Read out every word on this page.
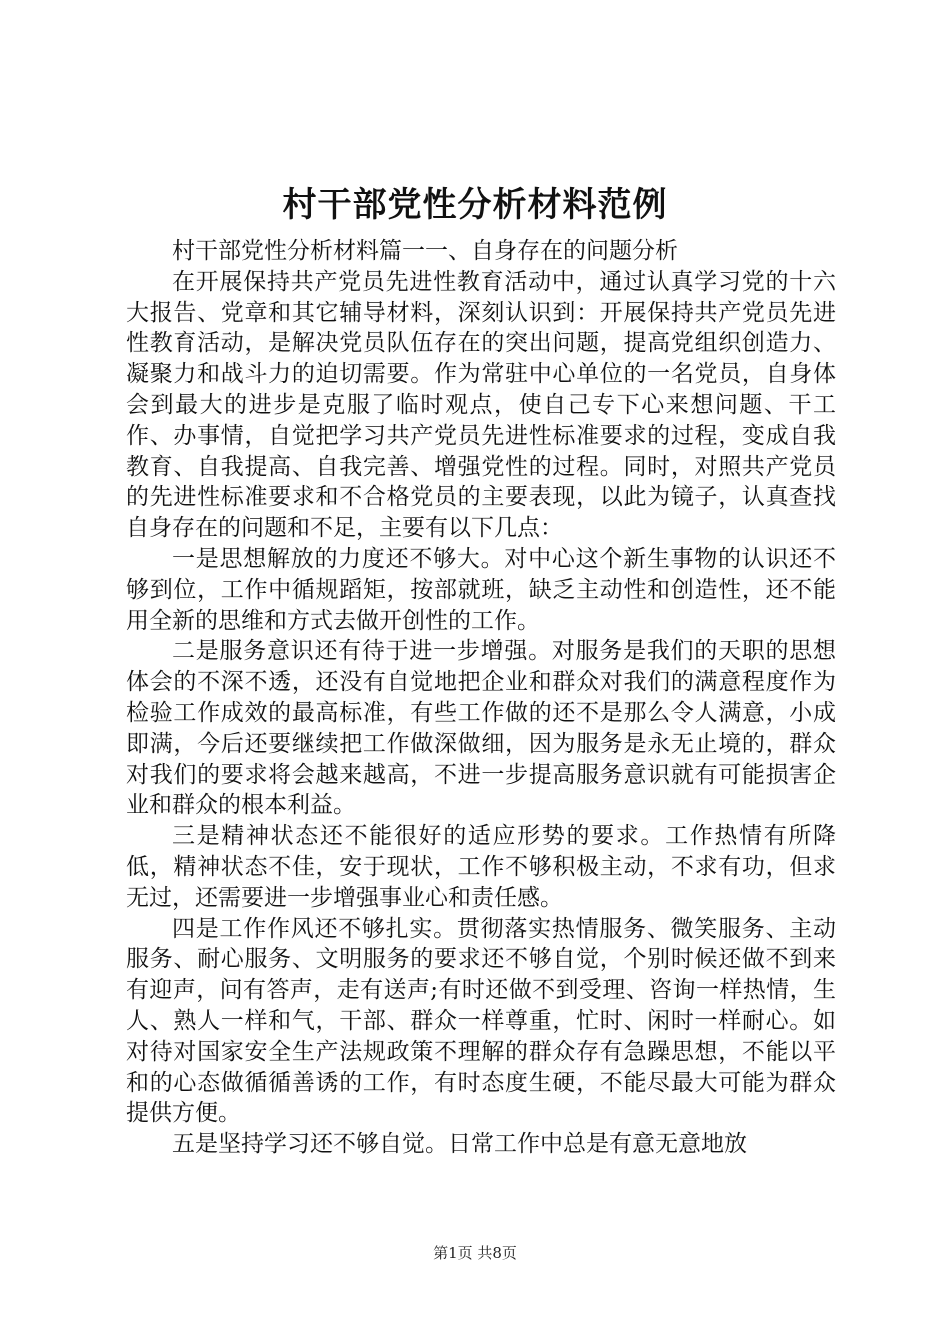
村干部党性分析材料范例

村干部党性分析材料篇一一、自身存在的问题分析

在开展保持共产党员先进性教育活动中，通过认真学习党的十六大报告、党章和其它辅导材料，深刻认识到：开展保持共产党员先进性教育活动，是解决党员队伍存在的突出问题，提高党组织创造力、凝聚力和战斗力的迫切需要。作为常驻中心单位的一名党员，自身体会到最大的进步是克服了临时观点，使自己专下心来想问题、干工作、办事情，自觉把学习共产党员先进性标准要求的过程，变成自我教育、自我提高、自我完善、增强党性的过程。同时，对照共产党员的先进性标准要求和不合格党员的主要表现，以此为镜子，认真查找自身存在的问题和不足，主要有以下几点：

一是思想解放的力度还不够大。对中心这个新生事物的认识还不够到位，工作中循规蹈矩，按部就班，缺乏主动性和创造性，还不能用全新的思维和方式去做开创性的工作。

二是服务意识还有待于进一步增强。对服务是我们的天职的思想体会的不深不透，还没有自觉地把企业和群众对我们的满意程度作为检验工作成效的最高标准，有些工作做的还不是那么令人满意，小成即满，今后还要继续把工作做深做细，因为服务是永无止境的，群众对我们的要求将会越来越高，不进一步提高服务意识就有可能损害企业和群众的根本利益。

三是精神状态还不能很好的适应形势的要求。工作热情有所降低，精神状态不佳，安于现状，工作不够积极主动，不求有功，但求无过，还需要进一步增强事业心和责任感。

四是工作作风还不够扎实。贯彻落实热情服务、微笑服务、主动服务、耐心服务、文明服务的要求还不够自觉，个别时候还做不到来有迎声，问有答声，走有送声;有时还做不到受理、咨询一样热情，生人、熟人一样和气，干部、群众一样尊重，忙时、闲时一样耐心。如对待对国家安全生产法规政策不理解的群众存有急躁思想，不能以平和的心态做循循善诱的工作，有时态度生硬，不能尽最大可能为群众提供方便。

五是坚持学习还不够自觉。日常工作中总是有意无意地放

第1页 共8页
